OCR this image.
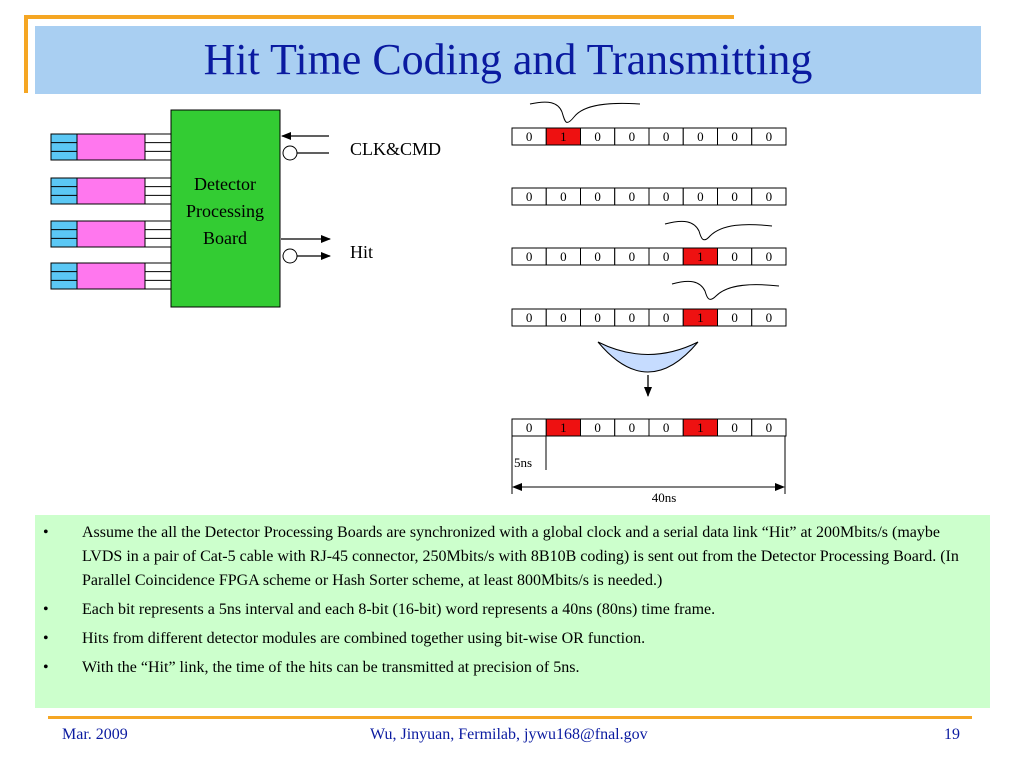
Hit Time Coding and Transmitting
Detector
Processing
Board
CLK&CMD
Hit
0 1 0 0 0 0 0 0
0 0 0 0 0 0 0 0
0 0 0 0 0 1 0 0
0 0 0 0 0 1 0 0
0 1 0 0 0 1 0 0
5ns
40ns
• Assume the all the Detector Processing Boards are synchronized with a global clock and a serial data link “Hit” at 200Mbits/s (maybe LVDS in a pair of Cat-5 cable with RJ-45 connector, 250Mbits/s with 8B10B coding) is sent out from the Detector Processing Board. (In Parallel Coincidence FPGA scheme or Hash Sorter scheme, at least 800Mbits/s is needed.)
• Each bit represents a 5ns interval and each 8-bit (16-bit) word represents a 40ns (80ns) time frame.
• Hits from different detector modules are combined together using bit-wise OR function.
• With the “Hit” link, the time of the hits can be transmitted at precision of 5ns.
Mar. 2009	Wu, Jinyuan, Fermilab, jywu168@fnal.gov	19
